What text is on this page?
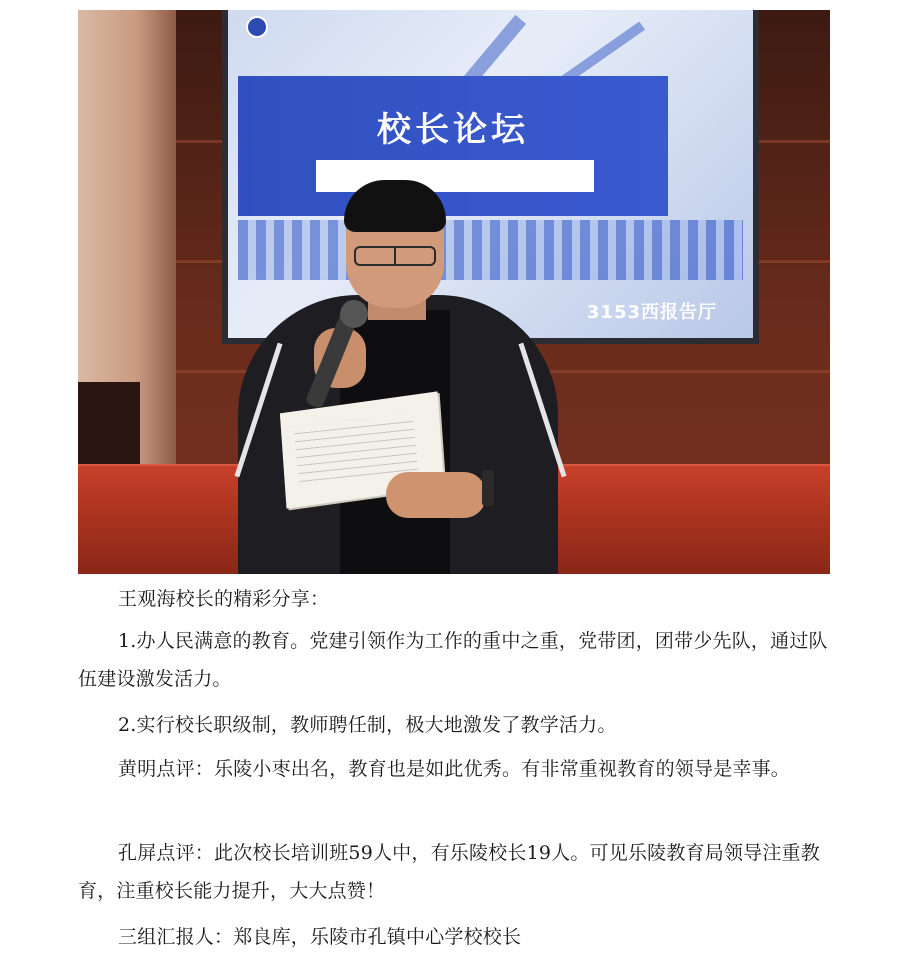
校长论坛
3153西报告厅

王观海校长的精彩分享：

1.办人民满意的教育。党建引领作为工作的重中之重，党带团，团带少先队，通过队伍建设激发活力。

2.实行校长职级制，教师聘任制，极大地激发了教学活力。

黄明点评：乐陵小枣出名，教育也是如此优秀。有非常重视教育的领导是幸事。

孔屏点评：此次校长培训班59人中，有乐陵校长19人。可见乐陵教育局领导注重教育，注重校长能力提升，大大点赞！

三组汇报人：郑良库，乐陵市孔镇中心学校校长
